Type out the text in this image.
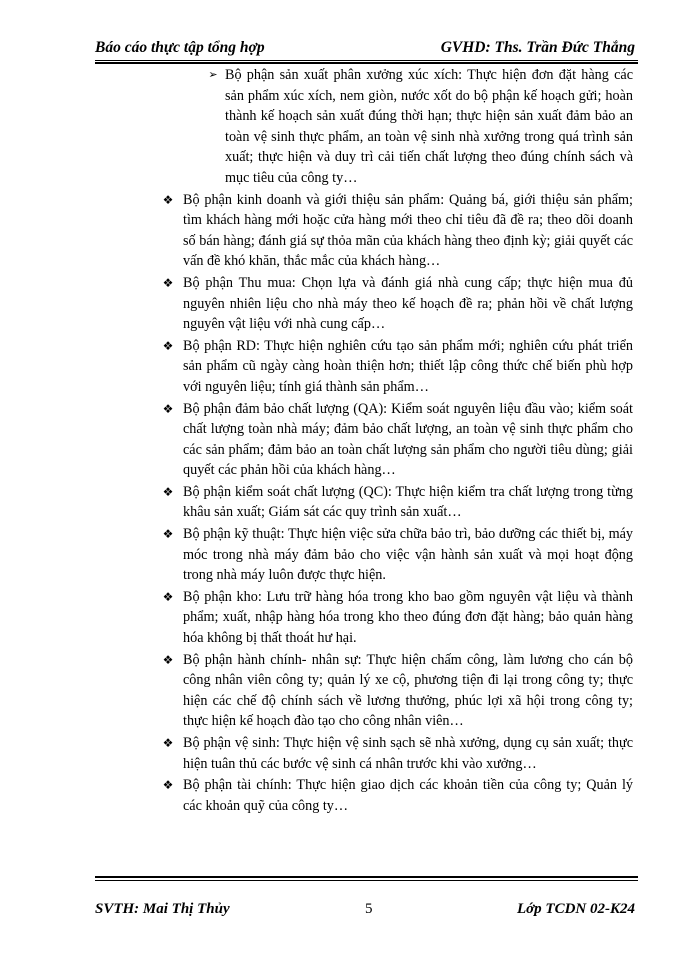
Báo cáo thực tập tổng hợp	GVHD: Ths. Trần Đức Thắng
➢ Bộ phận sản xuất phân xưởng xúc xích: Thực hiện đơn đặt hàng các sản phẩm xúc xích, nem giòn, nước xốt do bộ phận kế hoạch gửi; hoàn thành kế hoạch sản xuất đúng thời hạn; thực hiện sản xuất đảm bảo an toàn vệ sinh thực phẩm, an toàn vệ sinh nhà xưởng trong quá trình sản xuất; thực hiện và duy trì cải tiến chất lượng theo đúng chính sách và mục tiêu của công ty…
❖ Bộ phận kinh doanh và giới thiệu sản phẩm: Quảng bá, giới thiệu sản phẩm; tìm khách hàng mới hoặc cửa hàng mới theo chỉ tiêu đã đề ra; theo dõi doanh số bán hàng; đánh giá sự thỏa mãn của khách hàng theo định kỳ; giải quyết các vấn đề khó khăn, thắc mắc của khách hàng…
❖ Bộ phận Thu mua: Chọn lựa và đánh giá nhà cung cấp; thực hiện mua đủ nguyên nhiên liệu cho nhà máy theo kế hoạch đề ra; phản hồi về chất lượng nguyên vật liệu với nhà cung cấp…
❖ Bộ phận RD: Thực hiện nghiên cứu tạo sản phẩm mới; nghiên cứu phát triển sản phẩm cũ ngày càng hoàn thiện hơn; thiết lập công thức chế biến phù hợp với nguyên liệu; tính giá thành sản phẩm…
❖ Bộ phận đảm bảo chất lượng (QA): Kiểm soát nguyên liệu đầu vào; kiểm soát chất lượng toàn nhà máy; đảm bảo chất lượng, an toàn vệ sinh thực phẩm cho các sản phẩm; đảm bảo an toàn chất lượng sản phẩm cho người tiêu dùng; giải quyết các phản hồi của khách hàng…
❖ Bộ phận kiểm soát chất lượng (QC): Thực hiện kiểm tra chất lượng trong từng khâu sản xuất; Giám sát các quy trình sản xuất…
❖ Bộ phận kỹ thuật: Thực hiện việc sửa chữa bảo trì, bảo dưỡng các thiết bị, máy móc trong nhà máy đảm bảo cho việc vận hành sản xuất và mọi hoạt động trong nhà máy luôn được thực hiện.
❖ Bộ phận kho: Lưu trữ hàng hóa trong kho bao gồm nguyên vật liệu và thành phẩm; xuất, nhập hàng hóa trong kho theo đúng đơn đặt hàng; bảo quản hàng hóa không bị thất thoát hư hại.
❖ Bộ phận hành chính- nhân sự: Thực hiện chấm công, làm lương cho cán bộ công nhân viên công ty; quản lý xe cộ, phương tiện đi lại trong công ty; thực hiện các chế độ chính sách về lương thưởng, phúc lợi xã hội trong công ty; thực hiện kế hoạch đào tạo cho công nhân viên…
❖ Bộ phận vệ sinh: Thực hiện vệ sinh sạch sẽ nhà xưởng, dụng cụ sản xuất; thực hiện tuân thủ các bước vệ sinh cá nhân trước khi vào xưởng…
❖ Bộ phận tài chính: Thực hiện giao dịch các khoản tiền của công ty; Quản lý các khoản quỹ của công ty…
SVTH: Mai Thị Thủy	5	Lớp TCDN 02-K24
